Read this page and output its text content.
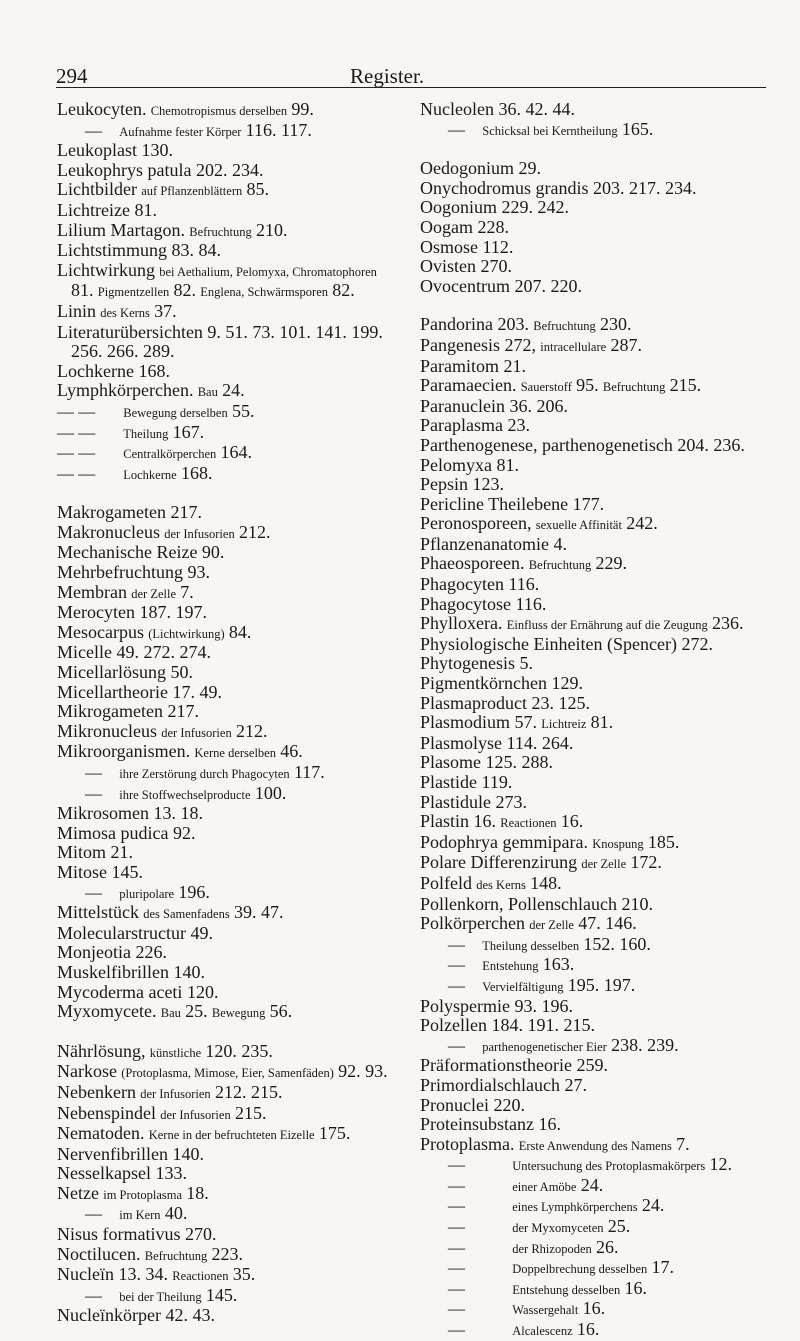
294	Register.
Leukocyten. Chemotropismus derselben 99.
— Aufnahme fester Körper 116. 117.
Leukoplast 130.
Leukophrys patula 202. 234.
Lichtbilder auf Pflanzenblättern 85.
Lichtreize 81.
Lilium Martagon. Befruchtung 210.
Lichtstimmung 83. 84.
Lichtwirkung bei Aethalium, Pelomyxa, Chromatophoren 81. Pigmentzellen 82. Englena, Schwärmsporen 82.
Linin des Kerns 37.
Literaturübersichten 9. 51. 73. 101. 141. 199. 256. 266. 289.
Lochkerne 168.
Lymphkörperchen. Bau 24.
— — Bewegung derselben 55.
— — Theilung 167.
— — Centralkörperchen 164.
— — Lochkerne 168.
Makrogameten 217.
Makronucleus der Infusorien 212.
Mechanische Reize 90.
Mehrbefruchtung 93.
Membran der Zelle 7.
Merocyten 187. 197.
Mesocarpus (Lichtwirkung) 84.
Micelle 49. 272. 274.
Micellarlösung 50.
Micellartheorie 17. 49.
Mikrogameten 217.
Mikronucleus der Infusorien 212.
Mikroorganismen. Kerne derselben 46.
— ihre Zerstörung durch Phagocyten 117.
— ihre Stoffwechselproducte 100.
Mikrosomen 13. 18.
Mimosa pudica 92.
Mitom 21.
Mitose 145.
— pluripolare 196.
Mittelstück des Samenfadens 39. 47.
Molecularstructur 49.
Monjeotia 226.
Muskelfibrillen 140.
Mycoderma aceti 120.
Myxomycete. Bau 25. Bewegung 56.
Nährlösung, künstliche 120. 235.
Narkose (Protoplasma, Mimose, Eier, Samenfäden) 92. 93.
Nebenkern der Infusorien 212. 215.
Nebenspindel der Infusorien 215.
Nematoden. Kerne in der befruchteten Eizelle 175.
Nervenfibrillen 140.
Nesselkapsel 133.
Netze im Protoplasma 18.
— im Kern 40.
Nisus formativus 270.
Noctilucen. Befruchtung 223.
Nucleïn 13. 34. Reactionen 35.
— bei der Theilung 145.
Nucleïnkörper 42. 43.
Nucleolen 36. 42. 44.
— Schicksal bei Kerntheilung 165.
Oedogonium 29.
Onychodromus grandis 203. 217. 234.
Oogonium 229. 242.
Oogam 228.
Osmose 112.
Ovisten 270.
Ovocentrum 207. 220.
Pandorina 203. Befruchtung 230.
Pangenesis 272, intracellulare 287.
Paramitom 21.
Paramaecien. Sauerstoff 95. Befruchtung 215.
Paranuclein 36. 206.
Paraplasma 23.
Parthenogenese, parthenogenetisch 204. 236.
Pelomyxa 81.
Pepsin 123.
Pericline Theilebene 177.
Peronosporeen, sexuelle Affinität 242.
Pflanzenanatomie 4.
Phaeosporeen. Befruchtung 229.
Phagocyten 116.
Phagocytose 116.
Phylloxera. Einfluss der Ernährung auf die Zeugung 236.
Physiologische Einheiten (Spencer) 272.
Phytogenesis 5.
Pigmentkörnchen 129.
Plasmaproduct 23. 125.
Plasmodium 57. Lichtreiz 81.
Plasmolyse 114. 264.
Plasome 125. 288.
Plastide 119.
Plastidule 273.
Plastin 16. Reactionen 16.
Podophrya gemmipara. Knospung 185.
Polare Differenzirung der Zelle 172.
Polfeld des Kerns 148.
Pollenkorn, Pollenschlauch 210.
Polkörperchen der Zelle 47. 146.
— Theilung desselben 152. 160.
— Entstehung 163.
— Vervielfältigung 195. 197.
Polyspermie 93. 196.
Polzellen 184. 191. 215.
— parthenogenetischer Eier 238. 239.
Präformationstheorie 259.
Primordialschlauch 27.
Pronuclei 220.
Proteinsubstanz 16.
Protoplasma. Erste Anwendung des Namens 7.
—	Untersuchung des Protoplasmakörpers 12.
—	einer Amöbe 24.
—	eines Lymphkörperchens 24.
—	der Myxomyceten 25.
—	der Rhizopoden 26.
—	Doppelbrechung desselben 17.
—	Entstehung desselben 16.
—	Wassergehalt 16.
—	Alcalescenz 16.
